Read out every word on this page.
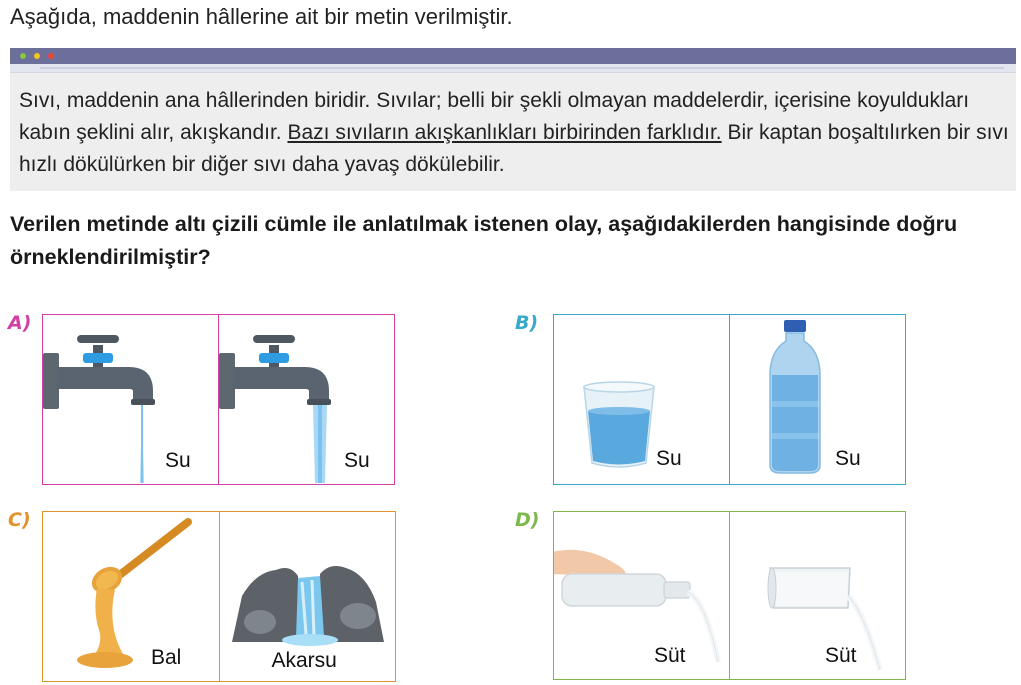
Aşağıda, maddenin hâllerine ait bir metin verilmiştir.
Sıvı, maddenin ana hâllerinden biridir. Sıvılar; belli bir şekli olmayan maddelerdir, içerisine koyuldukları kabın şeklini alır, akışkandır. Bazı sıvıların akışkanlıkları birbirinden farklıdır. Bir kaptan boşaltılırken bir sıvı hızlı dökülürken bir diğer sıvı daha yavaş dökülebilir.
Verilen metinde altı çizili cümle ile anlatılmak istenen olay, aşağıdakilerden hangisinde doğru örneklendirilmiştir?
A)
Su	Su
B)
Su	Su
C)
Bal	Akarsu
D)
Süt	Süt
